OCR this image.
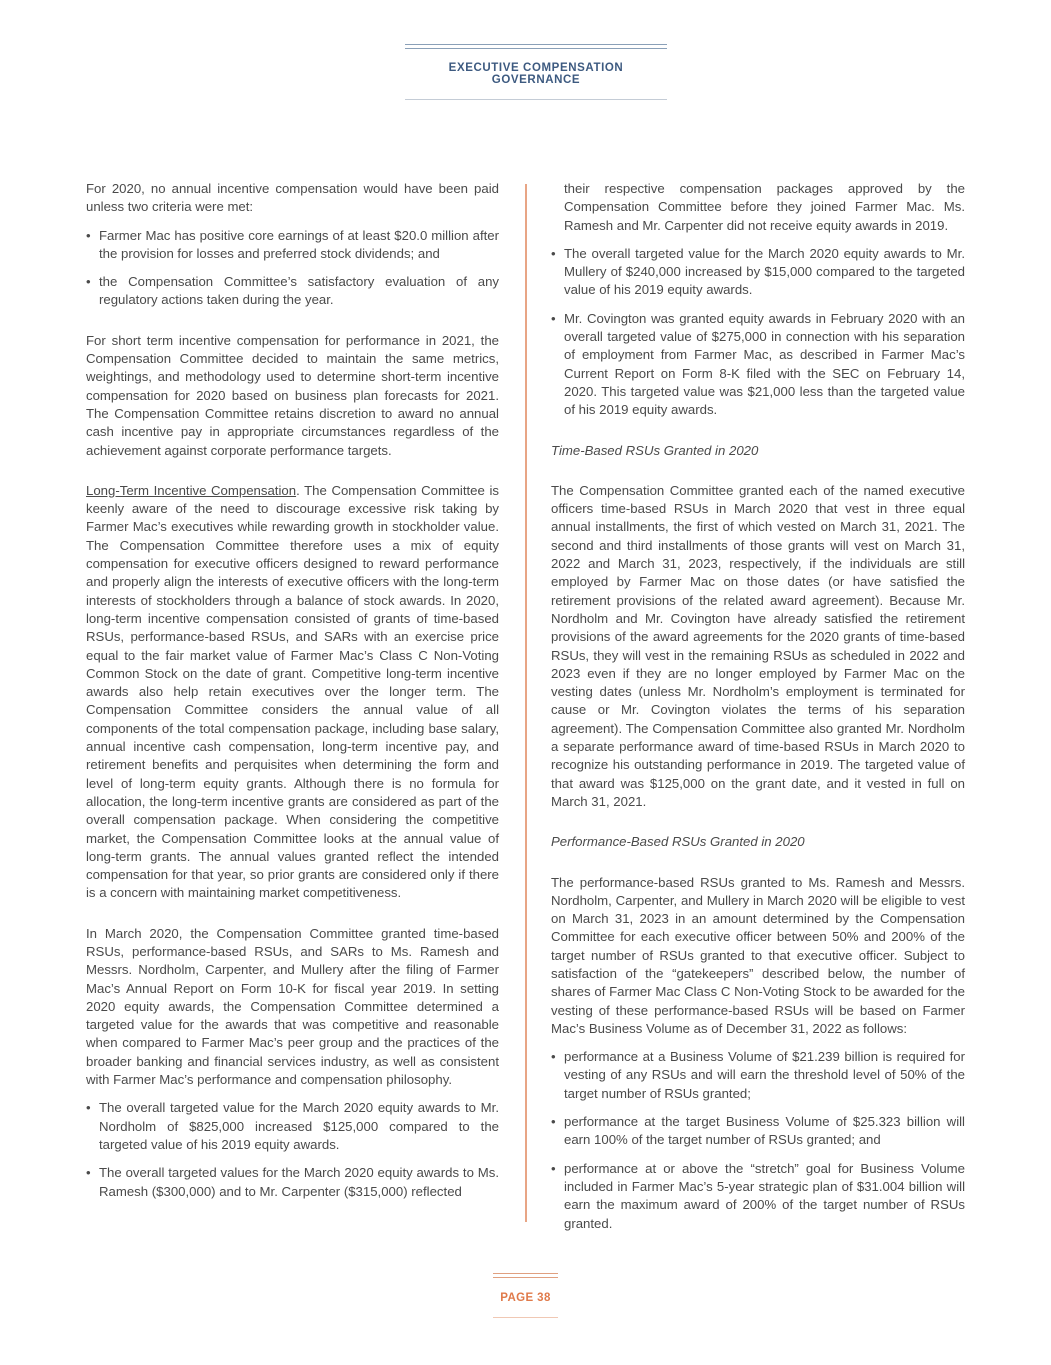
EXECUTIVE COMPENSATION GOVERNANCE

For 2020, no annual incentive compensation would have been paid unless two criteria were met:

• Farmer Mac has positive core earnings of at least $20.0 million after the provision for losses and preferred stock dividends; and
• the Compensation Committee’s satisfactory evaluation of any regulatory actions taken during the year.

For short term incentive compensation for performance in 2021, the Compensation Committee decided to maintain the same metrics, weightings, and methodology used to determine short-term incentive compensation for 2020 based on business plan forecasts for 2021. The Compensation Committee retains discretion to award no annual cash incentive pay in appropriate circumstances regardless of the achievement against corporate performance targets.

Long-Term Incentive Compensation. The Compensation Committee is keenly aware of the need to discourage excessive risk taking by Farmer Mac’s executives while rewarding growth in stockholder value. The Compensation Committee therefore uses a mix of equity compensation for executive officers designed to reward performance and properly align the interests of executive officers with the long-term interests of stockholders through a balance of stock awards. In 2020, long-term incentive compensation consisted of grants of time-based RSUs, performance-based RSUs, and SARs with an exercise price equal to the fair market value of Farmer Mac’s Class C Non-Voting Common Stock on the date of grant. Competitive long-term incentive awards also help retain executives over the longer term. The Compensation Committee considers the annual value of all components of the total compensation package, including base salary, annual incentive cash compensation, long-term incentive pay, and retirement benefits and perquisites when determining the form and level of long-term equity grants. Although there is no formula for allocation, the long-term incentive grants are considered as part of the overall compensation package. When considering the competitive market, the Compensation Committee looks at the annual value of long-term grants. The annual values granted reflect the intended compensation for that year, so prior grants are considered only if there is a concern with maintaining market competitiveness.

In March 2020, the Compensation Committee granted time-based RSUs, performance-based RSUs, and SARs to Ms. Ramesh and Messrs. Nordholm, Carpenter, and Mullery after the filing of Farmer Mac’s Annual Report on Form 10-K for fiscal year 2019. In setting 2020 equity awards, the Compensation Committee determined a targeted value for the awards that was competitive and reasonable when compared to Farmer Mac’s peer group and the practices of the broader banking and financial services industry, as well as consistent with Farmer Mac’s performance and compensation philosophy.

• The overall targeted value for the March 2020 equity awards to Mr. Nordholm of $825,000 increased $125,000 compared to the targeted value of his 2019 equity awards.
• The overall targeted values for the March 2020 equity awards to Ms. Ramesh ($300,000) and to Mr. Carpenter ($315,000) reflected

their respective compensation packages approved by the Compensation Committee before they joined Farmer Mac. Ms. Ramesh and Mr. Carpenter did not receive equity awards in 2019.

• The overall targeted value for the March 2020 equity awards to Mr. Mullery of $240,000 increased by $15,000 compared to the targeted value of his 2019 equity awards.
• Mr. Covington was granted equity awards in February 2020 with an overall targeted value of $275,000 in connection with his separation of employment from Farmer Mac, as described in Farmer Mac’s Current Report on Form 8-K filed with the SEC on February 14, 2020. This targeted value was $21,000 less than the targeted value of his 2019 equity awards.

Time-Based RSUs Granted in 2020

The Compensation Committee granted each of the named executive officers time-based RSUs in March 2020 that vest in three equal annual installments, the first of which vested on March 31, 2021. The second and third installments of those grants will vest on March 31, 2022 and March 31, 2023, respectively, if the individuals are still employed by Farmer Mac on those dates (or have satisfied the retirement provisions of the related award agreement). Because Mr. Nordholm and Mr. Covington have already satisfied the retirement provisions of the award agreements for the 2020 grants of time-based RSUs, they will vest in the remaining RSUs as scheduled in 2022 and 2023 even if they are no longer employed by Farmer Mac on the vesting dates (unless Mr. Nordholm’s employment is terminated for cause or Mr. Covington violates the terms of his separation agreement). The Compensation Committee also granted Mr. Nordholm a separate performance award of time-based RSUs in March 2020 to recognize his outstanding performance in 2019. The targeted value of that award was $125,000 on the grant date, and it vested in full on March 31, 2021.

Performance-Based RSUs Granted in 2020

The performance-based RSUs granted to Ms. Ramesh and Messrs. Nordholm, Carpenter, and Mullery in March 2020 will be eligible to vest on March 31, 2023 in an amount determined by the Compensation Committee for each executive officer between 50% and 200% of the target number of RSUs granted to that executive officer. Subject to satisfaction of the “gatekeepers” described below, the number of shares of Farmer Mac Class C Non-Voting Stock to be awarded for the vesting of these performance-based RSUs will be based on Farmer Mac’s Business Volume as of December 31, 2022 as follows:

• performance at a Business Volume of $21.239 billion is required for vesting of any RSUs and will earn the threshold level of 50% of the target number of RSUs granted;
• performance at the target Business Volume of $25.323 billion will earn 100% of the target number of RSUs granted; and
• performance at or above the “stretch” goal for Business Volume included in Farmer Mac’s 5-year strategic plan of $31.004 billion will earn the maximum award of 200% of the target number of RSUs granted.
PAGE 38
